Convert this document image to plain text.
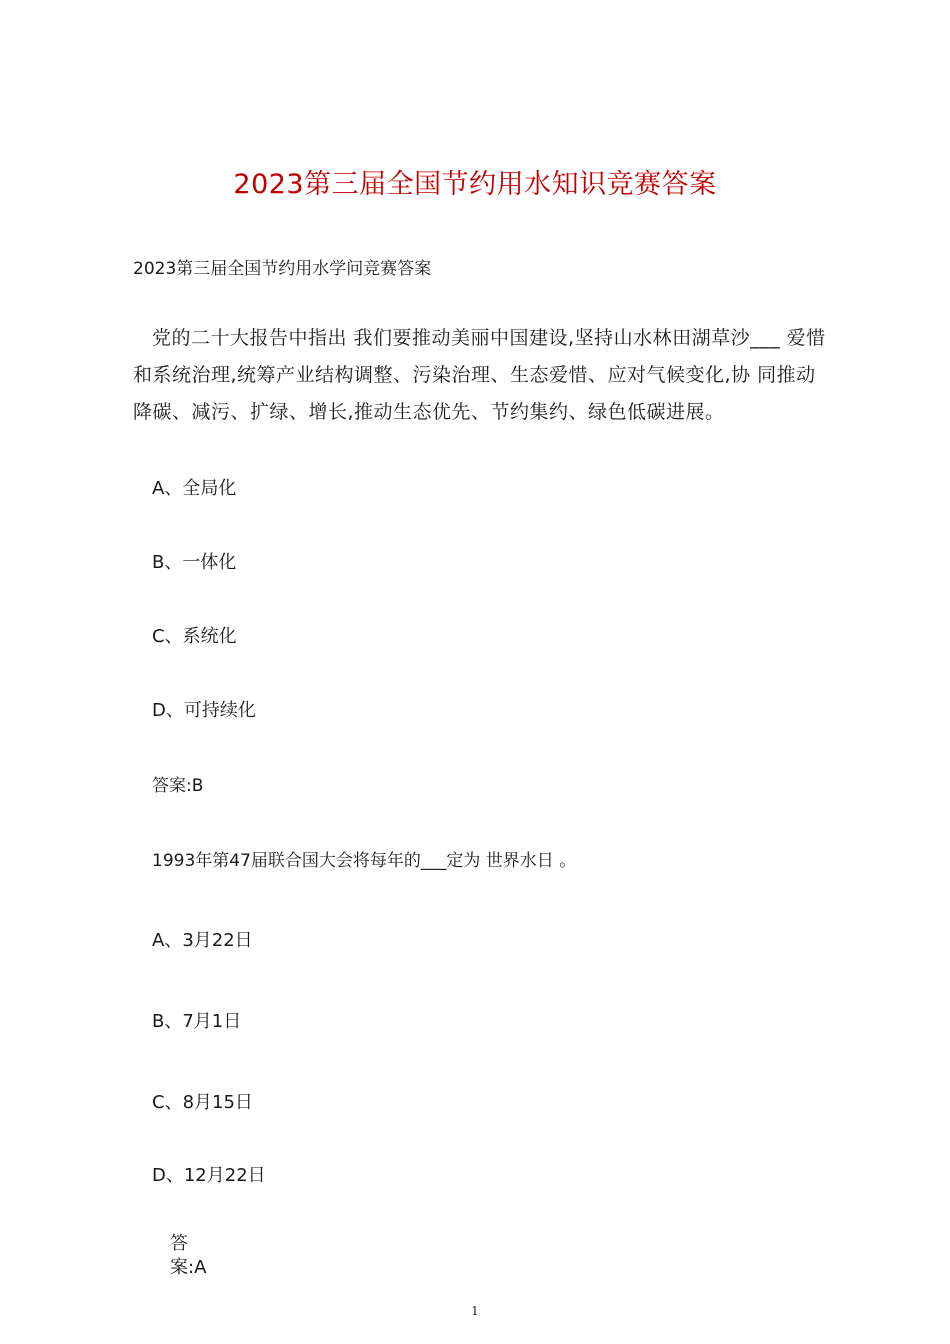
2023第三届全国节约用水知识竞赛答案
2023第三届全国节约用水学问竞赛答案
党的二十大报告中指出 我们要推动美丽中国建设,坚持山水林田湖草沙___ 爱惜和系统治理,统筹产业结构调整、污染治理、生态爱惜、应对气候变化,协 同推动降碳、减污、扩绿、增长,推动生态优先、节约集约、绿色低碳进展。
A、全局化
B、一体化
C、系统化
D、可持续化
答案:B
1993年第47届联合国大会将每年的___定为 世界水日 。
A、3月22日
B、7月1日
C、8月15日
D、12月22日
答
案:A
1
